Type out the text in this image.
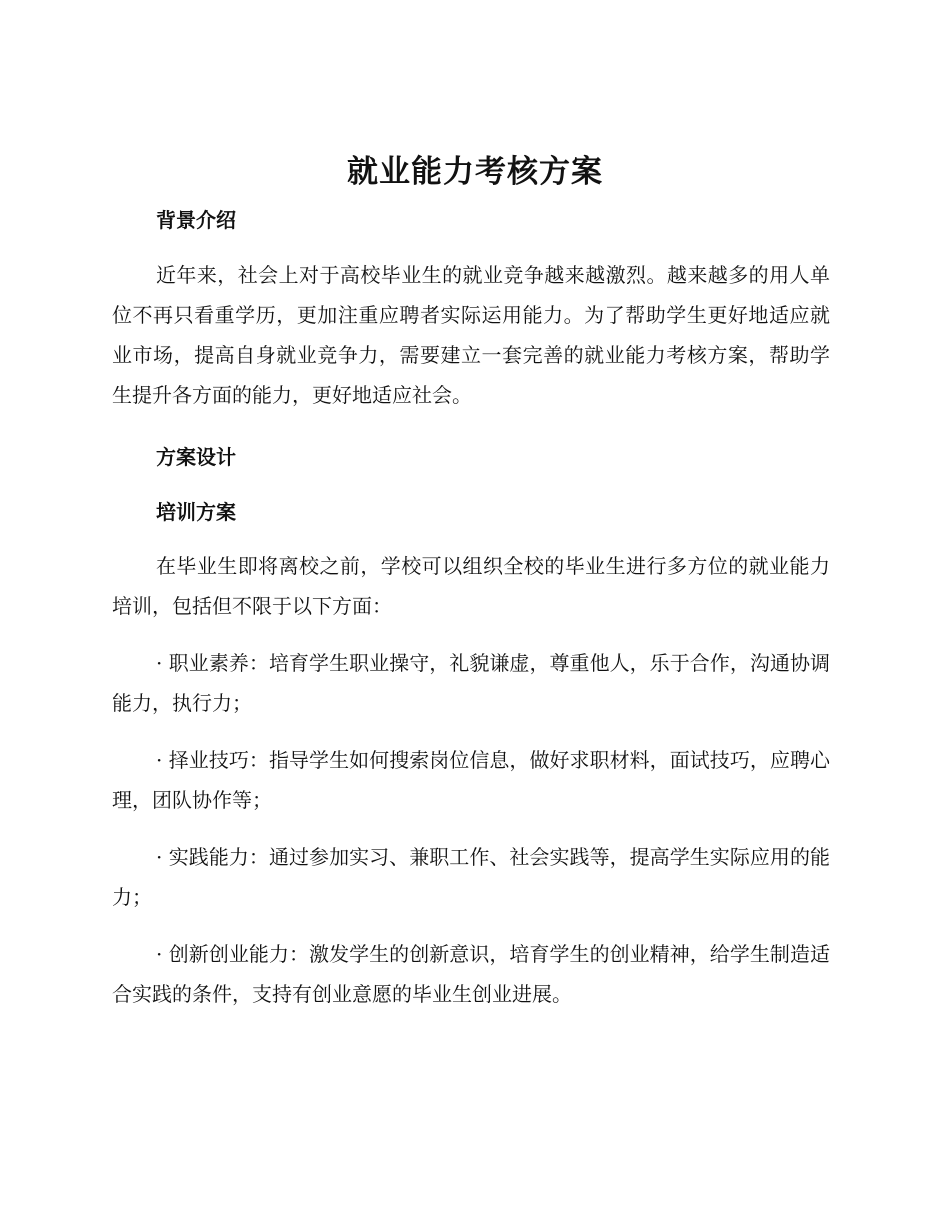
就业能力考核方案
背景介绍

近年来，社会上对于高校毕业生的就业竞争越来越激烈。越来越多的用人单位不再只看重学历，更加注重应聘者实际运用能力。为了帮助学生更好地适应就业市场，提高自身就业竞争力，需要建立一套完善的就业能力考核方案，帮助学生提升各方面的能力，更好地适应社会。

方案设计
培训方案

在毕业生即将离校之前，学校可以组织全校的毕业生进行多方位的就业能力培训，包括但不限于以下方面：

· 职业素养：培育学生职业操守，礼貌谦虚，尊重他人，乐于合作，沟通协调能力，执行力；

· 择业技巧：指导学生如何搜索岗位信息，做好求职材料，面试技巧，应聘心理，团队协作等；

· 实践能力：通过参加实习、兼职工作、社会实践等，提高学生实际应用的能力；

· 创新创业能力：激发学生的创新意识，培育学生的创业精神，给学生制造适合实践的条件，支持有创业意愿的毕业生创业进展。
